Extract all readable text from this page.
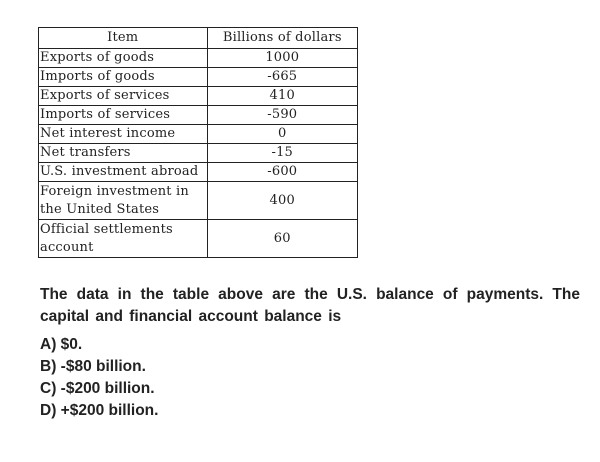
Item	Billions of dollars
Exports of goods	1000
Imports of goods	-665
Exports of services	410
Imports of services	-590
Net interest income	0
Net transfers	-15
U.S. investment abroad	-600
Foreign investment in the United States	400
Official settlements account	60

The data in the table above are the U.S. balance of payments. The capital and financial account balance is

A) $0.
B) -$80 billion.
C) -$200 billion.
D) +$200 billion.
